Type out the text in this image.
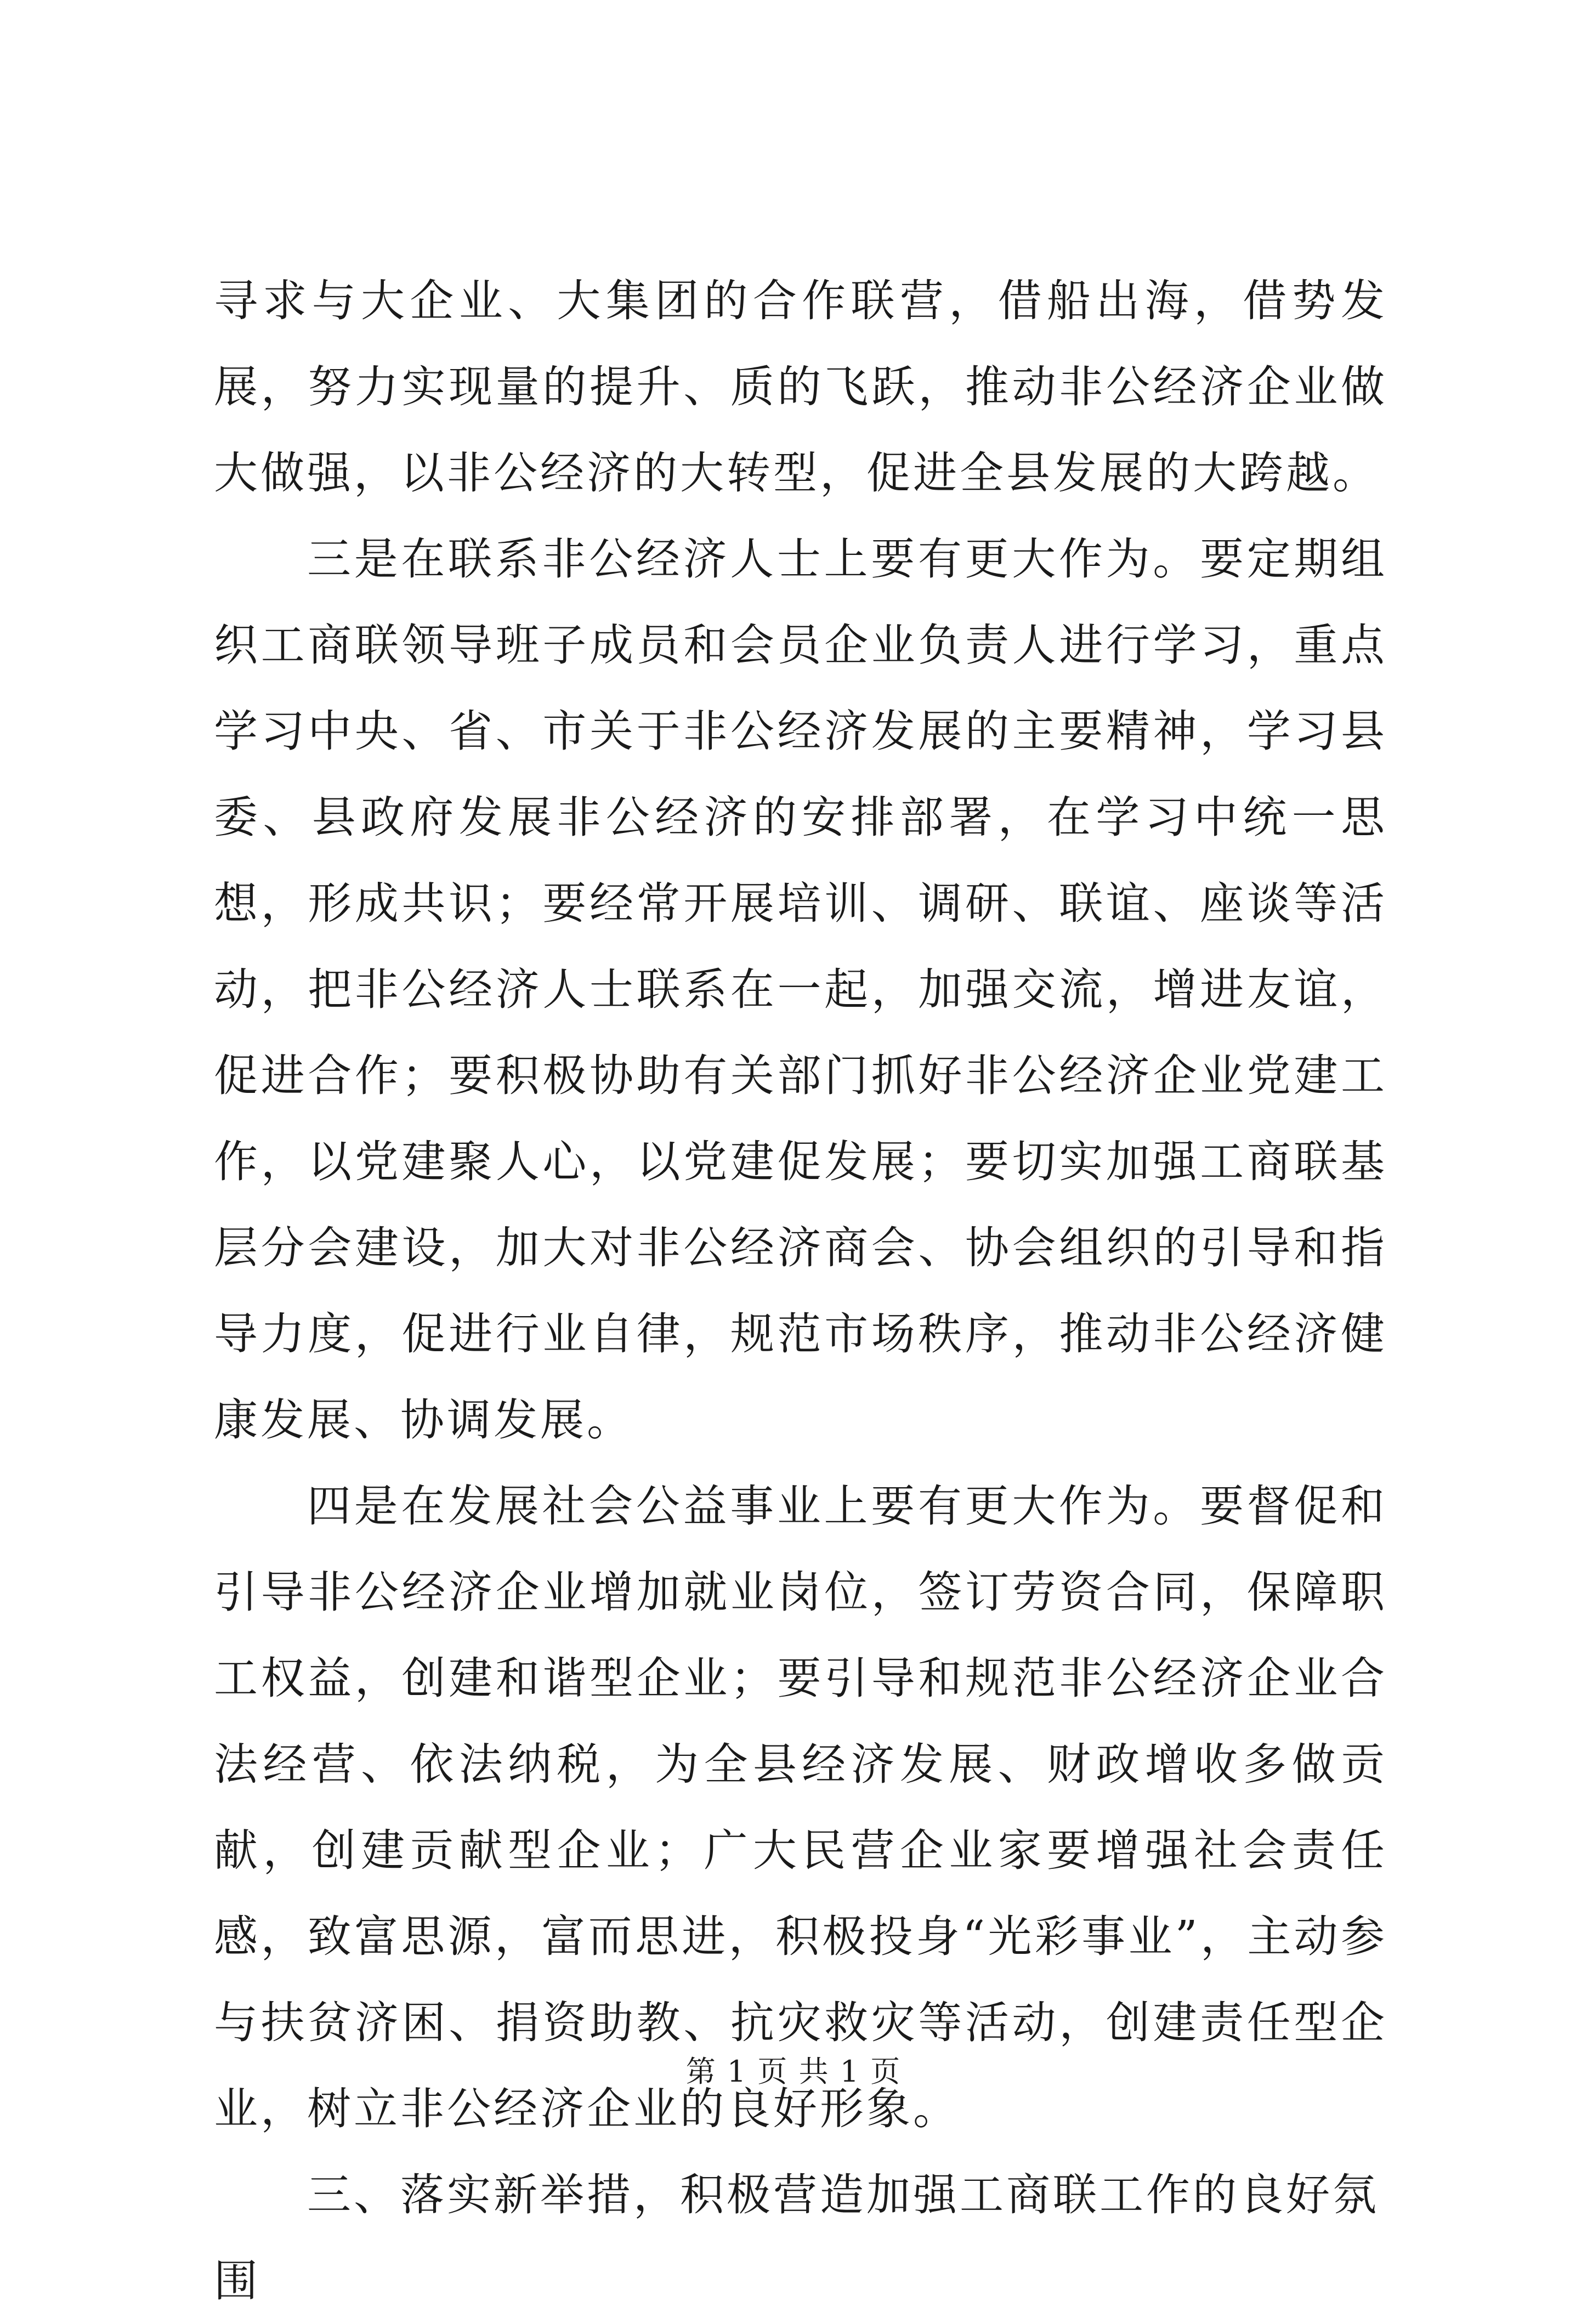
寻求与大企业、大集团的合作联营，借船出海，借势发展，努力实现量的提升、质的飞跃，推动非公经济企业做大做强，以非公经济的大转型，促进全县发展的大跨越。

三是在联系非公经济人士上要有更大作为。要定期组织工商联领导班子成员和会员企业负责人进行学习，重点学习中央、省、市关于非公经济发展的主要精神，学习县委、县政府发展非公经济的安排部署，在学习中统一思想，形成共识；要经常开展培训、调研、联谊、座谈等活动，把非公经济人士联系在一起，加强交流，增进友谊，促进合作；要积极协助有关部门抓好非公经济企业党建工作，以党建聚人心，以党建促发展；要切实加强工商联基层分会建设，加大对非公经济商会、协会组织的引导和指导力度，促进行业自律，规范市场秩序，推动非公经济健康发展、协调发展。

四是在发展社会公益事业上要有更大作为。要督促和引导非公经济企业增加就业岗位，签订劳资合同，保障职工权益，创建和谐型企业；要引导和规范非公经济企业合法经营、依法纳税，为全县经济发展、财政增收多做贡献，创建贡献型企业；广大民营企业家要增强社会责任感，致富思源，富而思进，积极投身“光彩事业”，主动参与扶贫济困、捐资助教、抗灾救灾等活动，创建责任型企业，树立非公经济企业的良好形象。

三、落实新举措，积极营造加强工商联工作的良好氛围

第 1 页 共 1 页
